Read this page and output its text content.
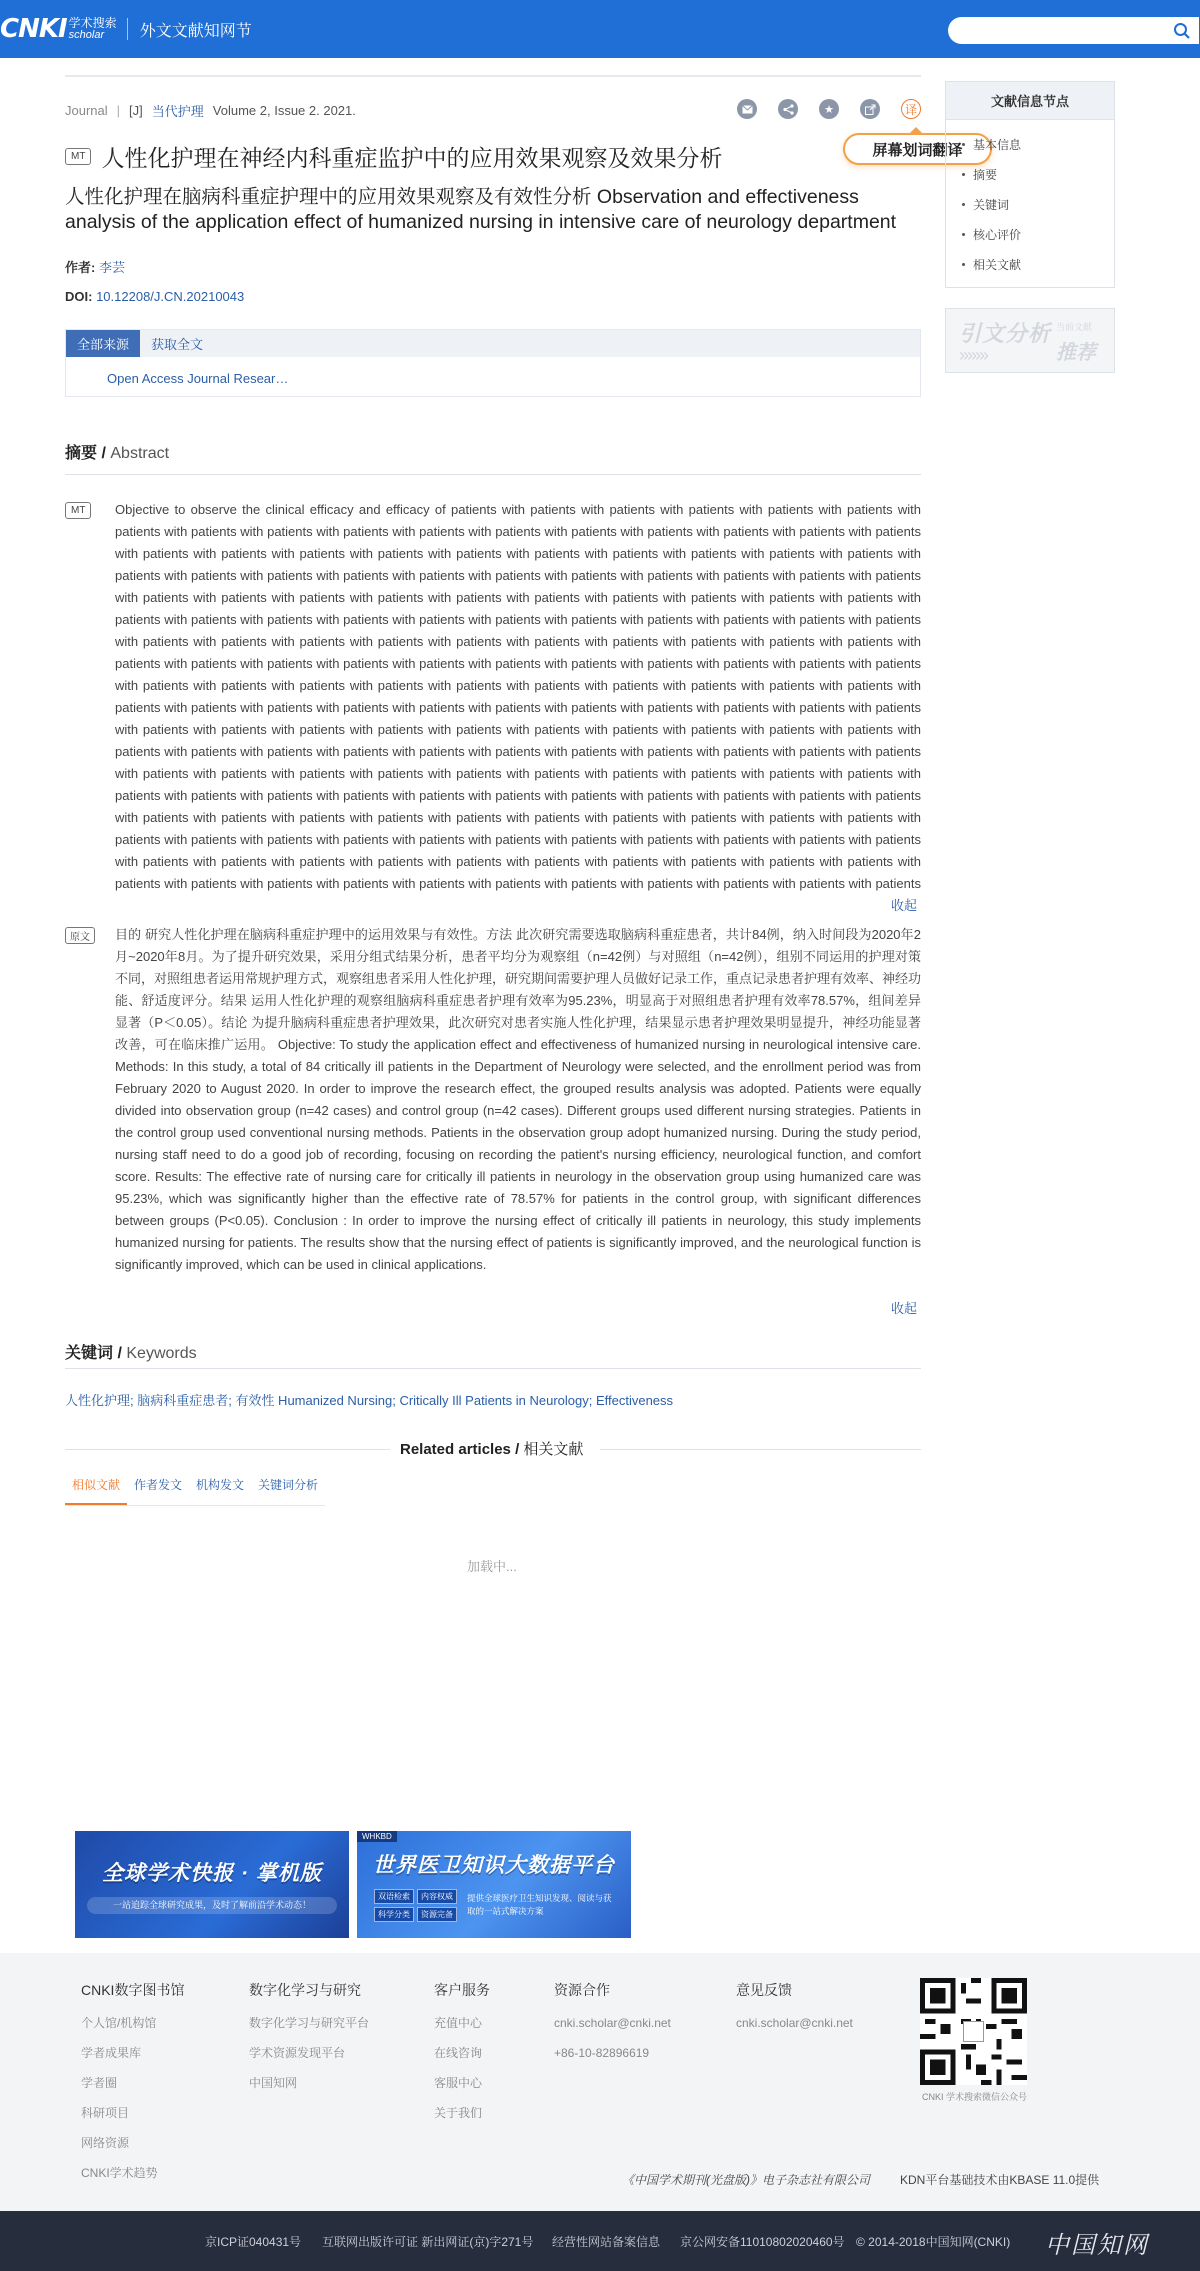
CNKI 学术搜索
scholar	外文文献知网节
Journal | [J] 当代护理 Volume 2, Issue 2. 2021.	★	译
屏幕划词翻译
MT 人性化护理在神经内科重症监护中的应用效果观察及效果分析
人性化护理在脑病科重症护理中的应用效果观察及有效性分析 Observation and effectiveness analysis of the application effect of humanized nursing in intensive care of neurology department
作者: 李芸
DOI: 10.12208/J.CN.20210043
全部来源	获取全文
Open Access Journal Resear…
摘要 / Abstract
MT	Objective to observe the clinical efficacy and efficacy of patients with patients with patients with patients with patients with patients with patients with patients with patients with patients with patients with patients with patients with patients with patients with patients with patients with patients with patients with patients with patients with patients with patients with patients with patients with patients with patients with patients with patients with patients with patients with patients with patients with patients with patients with patients with patients with patients with patients with patients with patients with patients with patients with patients with patients with patients with patients with patients with patients with patients with patients with patients with patients with patients with patients with patients with patients with patients with patients with patients with patients with patients with patients with patients with patients with patients with patients with patients with patients with patients with patients with patients with patients with patients with patients with patients with patients with patients with patients with patients with patients with patients with patients with patients with patients with patients with patients with patients with patients with patients with patients with patients with patients with patients with patients with patients with patients with patients with patients with patients with patients with patients with patients with patients with patients with patients with patients with patients with patients with patients with patients with patients with patients with patients with patients with patients with patients with patients with patients with patients with patients with patients with patients with patients with patients with patients with patients with patients with patients with patients with patients with patients with patients with patients with patients with patients with patients with patients with patients with patients with patients with patients with patients with patients with patients with patients with patients with patients with patients with patients with patients with patients with patients with patients with patients with patients with patients with patients with patients with patients with patients with patients with patients with patients with patients with patients with patients with patients with patients with patients with patients with patients with patients with patients with patients with patients with patients with patients with patients with patients with patients with patients with patients with patients with patients
收起
原文	目的 研究人性化护理在脑病科重症护理中的运用效果与有效性。方法 此次研究需要选取脑病科重症患者，共计84例，纳入时间段为2020年2月~2020年8月。为了提升研究效果，采用分组式结果分析，患者平均分为观察组（n=42例）与对照组（n=42例），组别不同运用的护理对策不同，对照组患者运用常规护理方式，观察组患者采用人性化护理，研究期间需要护理人员做好记录工作，重点记录患者护理有效率、神经功能、舒适度评分。结果 运用人性化护理的观察组脑病科重症患者护理有效率为95.23%，明显高于对照组患者护理有效率78.57%，组间差异显著（P＜0.05）。结论 为提升脑病科重症患者护理效果，此次研究对患者实施人性化护理，结果显示患者护理效果明显提升，神经功能显著改善，可在临床推广运用。 Objective: To study the application effect and effectiveness of humanized nursing in neurological intensive care. Methods: In this study, a total of 84 critically ill patients in the Department of Neurology were selected, and the enrollment period was from February 2020 to August 2020. In order to improve the research effect, the grouped results analysis was adopted. Patients were equally divided into observation group (n=42 cases) and control group (n=42 cases). Different groups used different nursing strategies. Patients in the control group used conventional nursing methods. Patients in the observation group adopt humanized nursing. During the study period, nursing staff need to do a good job of recording, focusing on recording the patient's nursing efficiency, neurological function, and comfort score. Results: The effective rate of nursing care for critically ill patients in neurology in the observation group using humanized care was 95.23%, which was significantly higher than the effective rate of 78.57% for patients in the control group, with significant differences between groups (P<0.05). Conclusion : In order to improve the nursing effect of critically ill patients in neurology, this study implements humanized nursing for patients. The results show that the nursing effect of patients is significantly improved, and the neurological function is significantly improved, which can be used in clinical applications.
收起
关键词 / Keywords
人性化护理; 脑病科重症患者; 有效性 Humanized Nursing; Critically Ill Patients in Neurology; Effectiveness
Related articles / 相关文献
相似文献	作者发文	机构发文	关键词分析
加载中...
全球学术快报 · 掌机版
一站追踪全球研究成果，及时了解前沿学术动态！
WHKBD
世界医卫知识大数据平台
双语检索	内容权威
科学分类	资源完备
提供全球医疗卫生知识发现、阅读与获取的一站式解决方案
文献信息节点
基本信息
摘要
关键词
核心评价
相关文献
引文分析 当前文献
推荐
›››››››
CNKI数字图书馆
个人馆/机构馆
学者成果库
学者圈
科研项目
网络资源
CNKI学术趋势
数字化学习与研究
数字化学习与研究平台
学术资源发现平台
中国知网
客户服务
充值中心
在线咨询
客服中心
关于我们
资源合作
cnki.scholar@cnki.net
+86-10-82896619
意见反馈
cnki.scholar@cnki.net
CNKI 学术搜索微信公众号
《中国学术期刊(光盘版)》电子杂志社有限公司	KDN平台基础技术由KBASE 11.0提供
京ICP证040431号 互联网出版许可证 新出网证(京)字271号 经营性网站备案信息 京公网安备11010802020460号 © 2014-2018中国知网(CNKI) 中国知网
